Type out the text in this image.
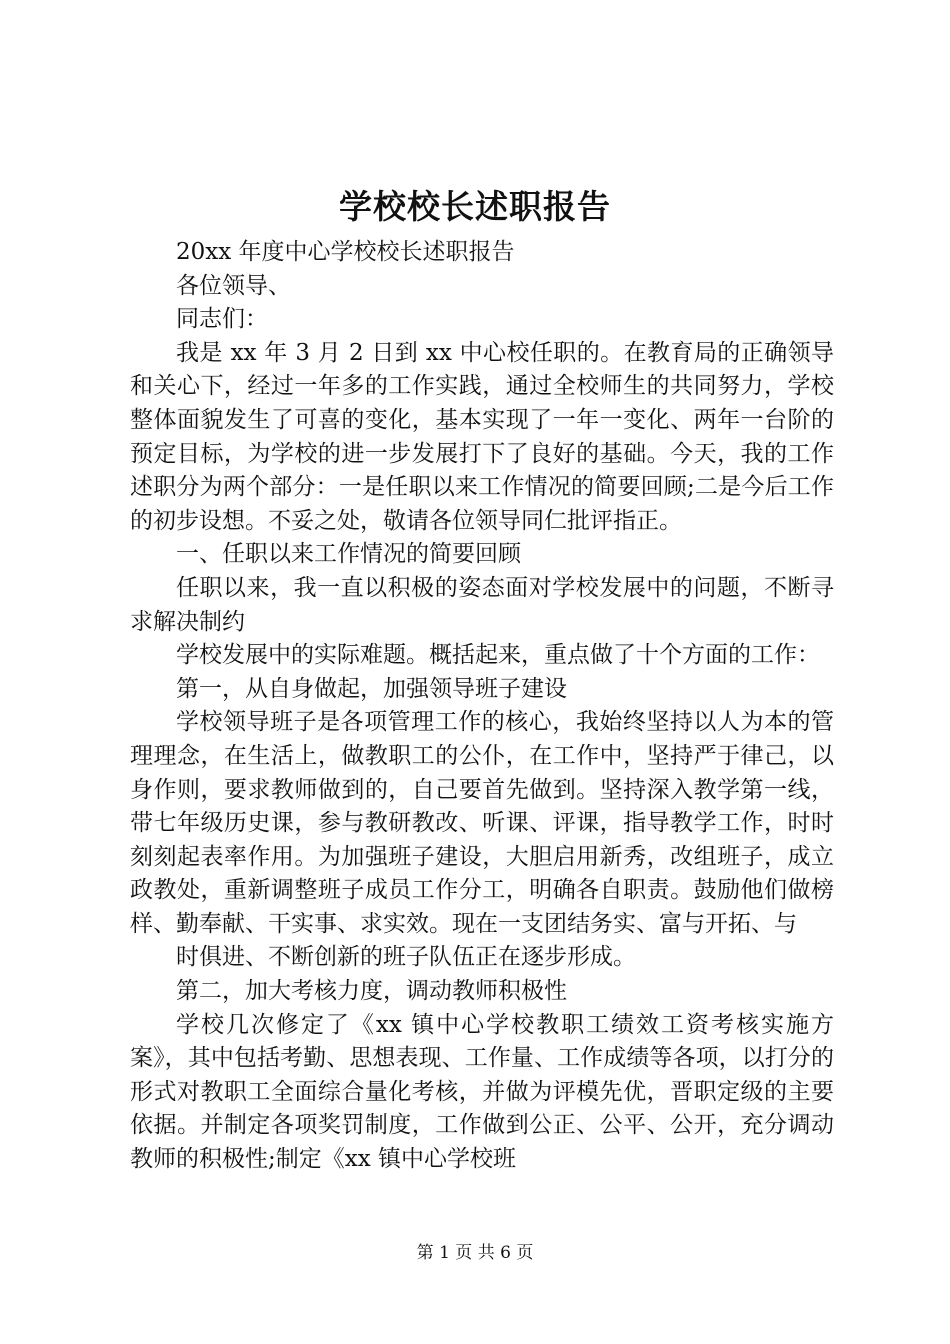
学校校长述职报告

20xx 年度中心学校校长述职报告

各位领导、

同志们：

我是 xx 年 3 月 2 日到 xx 中心校任职的。在教育局的正确领导和关心下，经过一年多的工作实践，通过全校师生的共同努力，学校整体面貌发生了可喜的变化，基本实现了一年一变化、两年一台阶的预定目标，为学校的进一步发展打下了良好的基础。今天，我的工作述职分为两个部分：一是任职以来工作情况的简要回顾;二是今后工作的初步设想。不妥之处，敬请各位领导同仁批评指正。

一、任职以来工作情况的简要回顾

任职以来，我一直以积极的姿态面对学校发展中的问题，不断寻求解决制约

学校发展中的实际难题。概括起来，重点做了十个方面的工作：

第一，从自身做起，加强领导班子建设

学校领导班子是各项管理工作的核心，我始终坚持以人为本的管理理念，在生活上，做教职工的公仆，在工作中，坚持严于律己，以身作则，要求教师做到的，自己要首先做到。坚持深入教学第一线，带七年级历史课，参与教研教改、听课、评课，指导教学工作，时时刻刻起表率作用。为加强班子建设，大胆启用新秀，改组班子，成立政教处，重新调整班子成员工作分工，明确各自职责。鼓励他们做榜样、勤奉献、干实事、求实效。现在一支团结务实、富与开拓、与

时俱进、不断创新的班子队伍正在逐步形成。

第二，加大考核力度，调动教师积极性

学校几次修定了《xx 镇中心学校教职工绩效工资考核实施方案》，其中包括考勤、思想表现、工作量、工作成绩等各项，以打分的形式对教职工全面综合量化考核，并做为评模先优，晋职定级的主要依据。并制定各项奖罚制度，工作做到公正、公平、公开，充分调动教师的积极性;制定《xx 镇中心学校班

第 1 页 共 6 页
